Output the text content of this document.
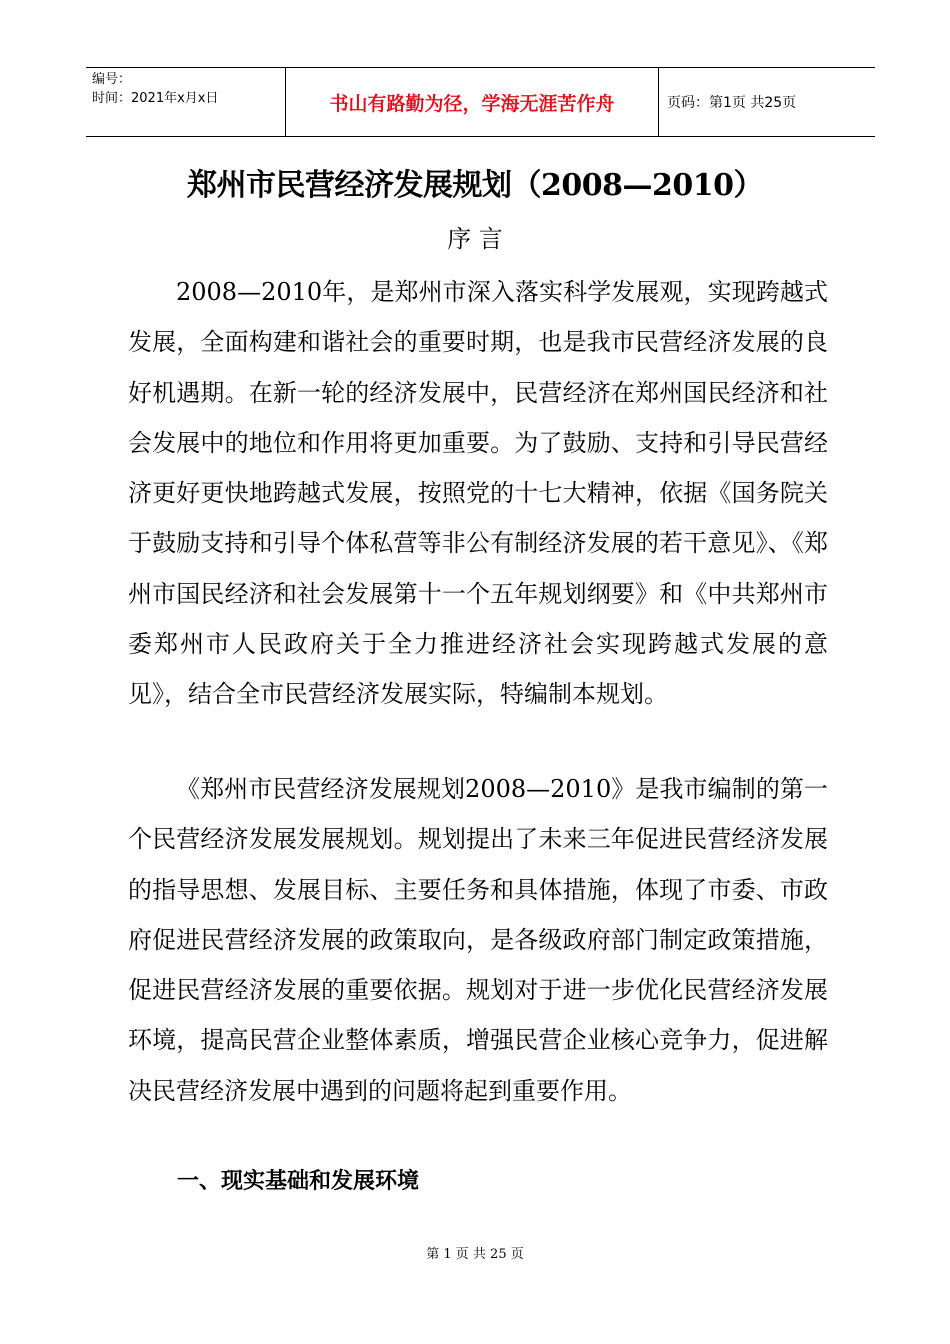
编号：
时间：2021年x月x日	书山有路勤为径，学海无涯苦作舟	页码：第1页 共25页
郑州市民营经济发展规划（2008—2010）
序 言

2008—2010年，是郑州市深入落实科学发展观，实现跨越式发展，全面构建和谐社会的重要时期，也是我市民营经济发展的良好机遇期。在新一轮的经济发展中，民营经济在郑州国民经济和社会发展中的地位和作用将更加重要。为了鼓励、支持和引导民营经济更好更快地跨越式发展，按照党的十七大精神，依据《国务院关于鼓励支持和引导个体私营等非公有制经济发展的若干意见》、《郑州市国民经济和社会发展第十一个五年规划纲要》和《中共郑州市委郑州市人民政府关于全力推进经济社会实现跨越式发展的意见》，结合全市民营经济发展实际，特编制本规划。

《郑州市民营经济发展规划2008—2010》是我市编制的第一个民营经济发展发展规划。规划提出了未来三年促进民营经济发展的指导思想、发展目标、主要任务和具体措施，体现了市委、市政府促进民营经济发展的政策取向，是各级政府部门制定政策措施，促进民营经济发展的重要依据。规划对于进一步优化民营经济发展环境，提高民营企业整体素质，增强民营企业核心竞争力，促进解决民营经济发展中遇到的问题将起到重要作用。

一、现实基础和发展环境
第 1 页 共 25 页
